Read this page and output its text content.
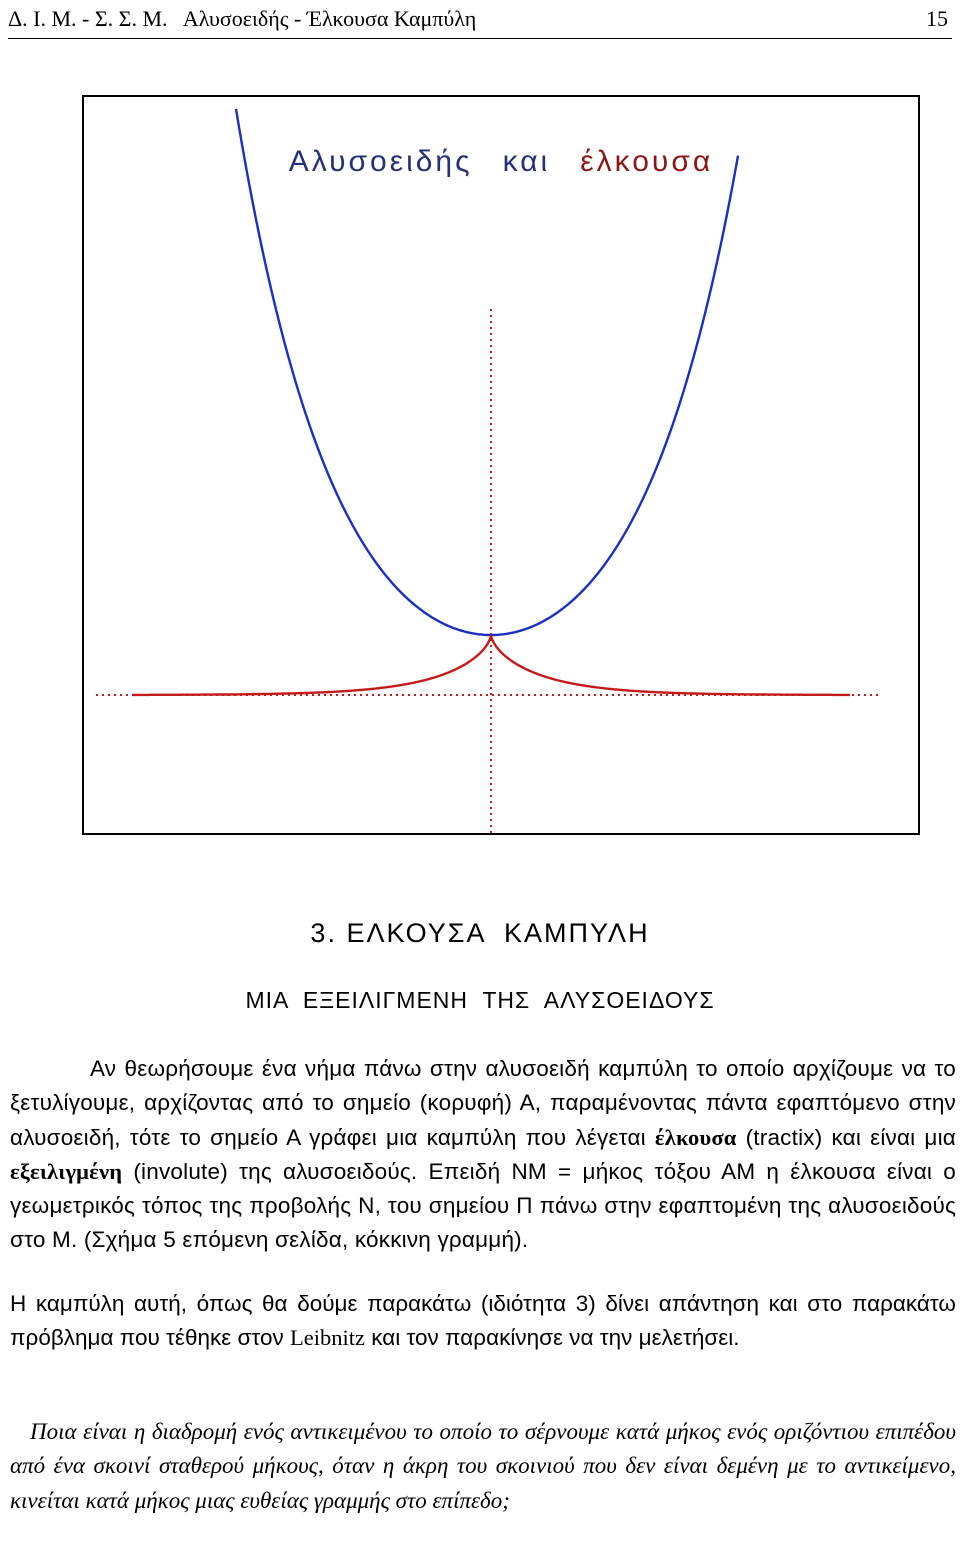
Δ. Ι. Μ. - Σ. Σ. Μ.   Αλυσοειδής - Έλκουσα Καμπύλη	15
Αλυσοειδής και έλκουσα
3. ΕΛΚΟΥΣΑ  ΚΑΜΠΥΛΗ
ΜΙΑ  ΕΞΕΙΛΙΓΜΕΝΗ  ΤΗΣ  ΑΛΥΣΟΕΙΔΟΥΣ
Αν θεωρήσουμε ένα νήμα πάνω στην αλυσοειδή καμπύλη το οποίο αρχίζουμε να το ξετυλίγουμε, αρχίζοντας από το σημείο (κορυφή) Α, παραμένοντας πάντα εφαπτόμενο στην αλυσοειδή, τότε το σημείο Α γράφει μια καμπύλη που λέγεται έλκουσα (tractix) και είναι μια εξειλιγμένη (involute) της αλυσοειδούς. Επειδή ΝΜ = μήκος τόξου ΑΜ η έλκουσα είναι ο γεωμετρικός τόπος της προβολής Ν, του σημείου Π πάνω στην εφαπτομένη της αλυσοειδούς στο Μ. (Σχήμα 5 επόμενη σελίδα, κόκκινη γραμμή).
Η καμπύλη αυτή, όπως θα δούμε παρακάτω (ιδιότητα 3) δίνει απάντηση και στο παρακάτω πρόβλημα που τέθηκε στον Leibnitz και τον παρακίνησε να την μελετήσει.
Ποια είναι η διαδρομή ενός αντικειμένου το οποίο το σέρνουμε κατά μήκος ενός οριζόντιου επιπέδου από ένα σκοινί σταθερού μήκους, όταν η άκρη του σκοινιού που δεν είναι δεμένη με το αντικείμενο, κινείται κατά μήκος μιας ευθείας γραμμής στο επίπεδο;
